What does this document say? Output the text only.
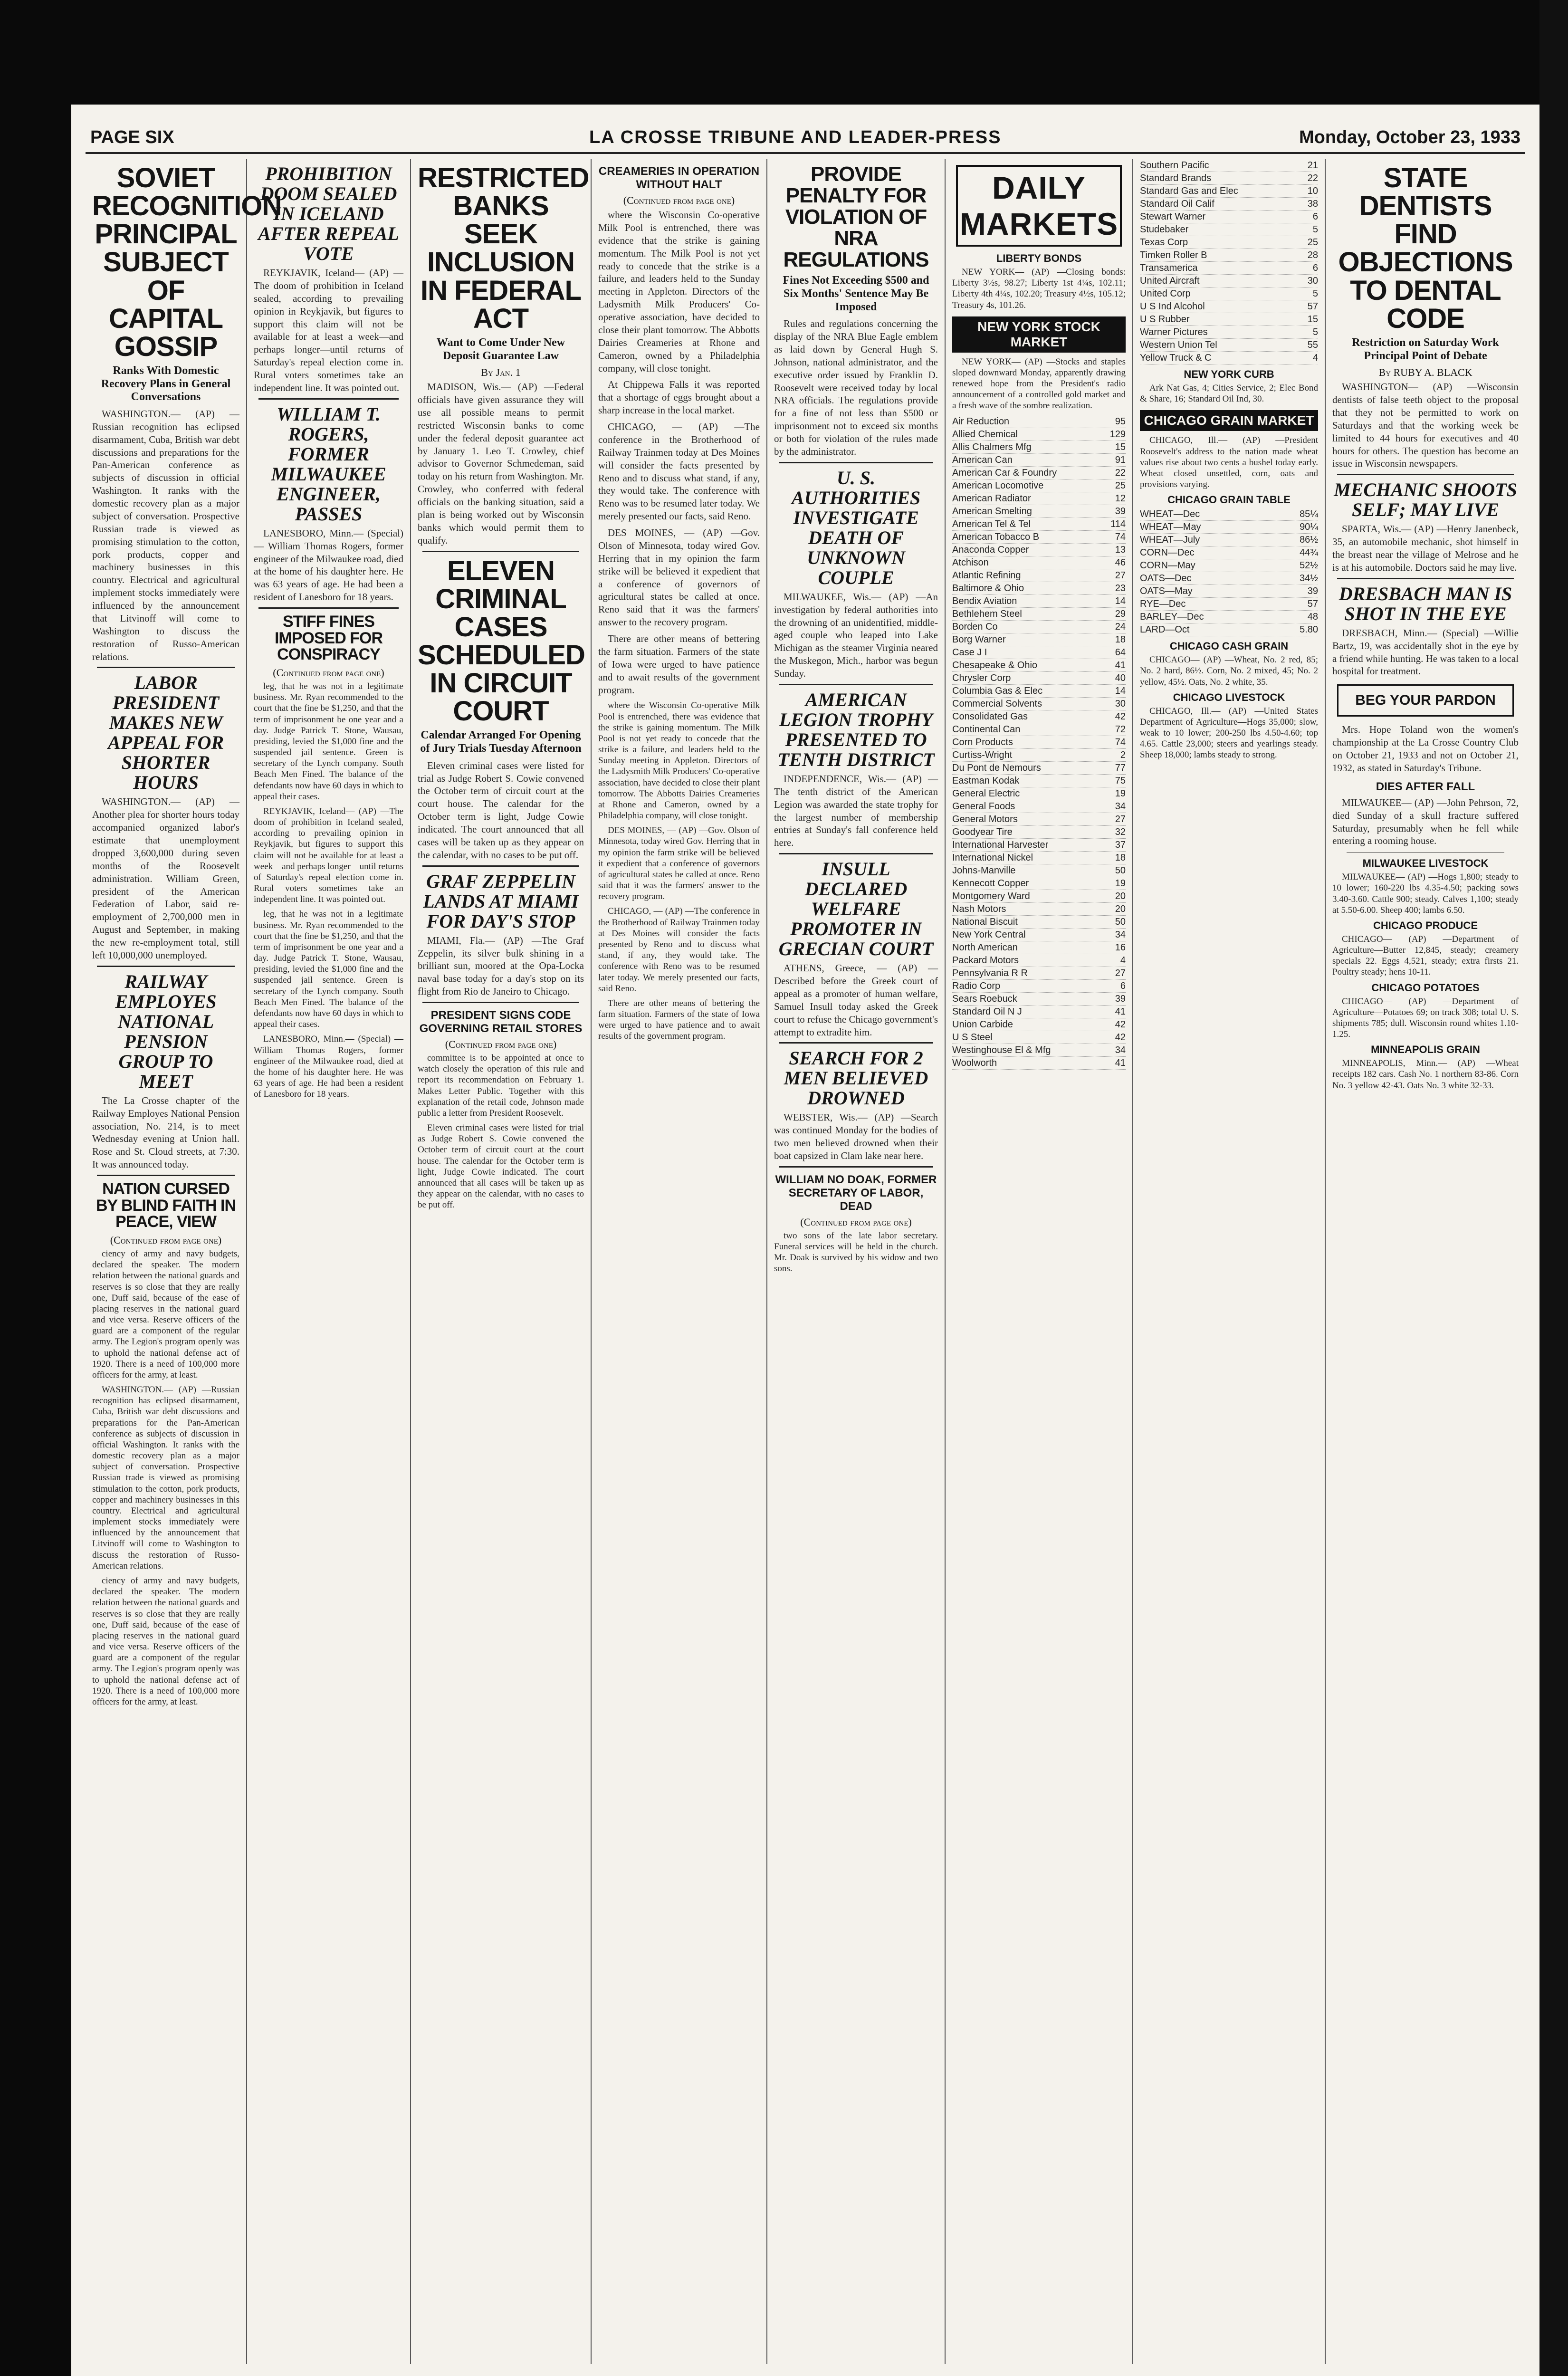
PAGE SIX	LA CROSSE TRIBUNE AND LEADER-PRESS	Monday, October 23, 1933
SOVIET RECOGNITION PRINCIPAL SUBJECT OF CAPITAL GOSSIP
Ranks With Domestic Recovery Plans in General Conversations

WASHINGTON.— (AP) —Russian recognition has eclipsed disarmament, Cuba, British war debt discussions and preparations for the Pan-American conference as subjects of discussion in official Washington. It ranks with the domestic recovery plan as a major subject of conversation. Prospective Russian trade is viewed as promising stimulation to the cotton, pork products, copper and machinery businesses in this country. Electrical and agricultural implement stocks immediately were influenced by the announcement that Litvinoff will come to Washington to discuss the restoration of Russo-American relations.

LABOR PRESIDENT MAKES NEW APPEAL FOR SHORTER HOURS

WASHINGTON.— (AP) —Another plea for shorter hours today accompanied organized labor's estimate that unemployment dropped 3,600,000 during seven months of the Roosevelt administration. William Green, president of the American Federation of Labor, said re-employment of 2,700,000 men in August and September, in making the new re-employment total, still left 10,000,000 unemployed.

RAILWAY EMPLOYES NATIONAL PENSION GROUP TO MEET

The La Crosse chapter of the Railway Employes National Pension association, No. 214, is to meet Wednesday evening at Union hall. Rose and St. Cloud streets, at 7:30. It was announced today.

NATION CURSED BY BLIND FAITH IN PEACE, VIEW
(Continued from page one)

ciency of army and navy budgets, declared the speaker. The modern relation between the national guards and reserves is so close that they are really one, Duff said, because of the ease of placing reserves in the national guard and vice versa. Reserve officers of the guard are a component of the regular army. The Legion's program openly was to uphold the national defense act of 1920. There is a need of 100,000 more officers for the army, at least.

WASHINGTON.— (AP) —Russian recognition has eclipsed disarmament, Cuba, British war debt discussions and preparations for the Pan-American conference as subjects of discussion in official Washington. It ranks with the domestic recovery plan as a major subject of conversation. Prospective Russian trade is viewed as promising stimulation to the cotton, pork products, copper and machinery businesses in this country. Electrical and agricultural implement stocks immediately were influenced by the announcement that Litvinoff will come to Washington to discuss the restoration of Russo-American relations.

ciency of army and navy budgets, declared the speaker. The modern relation between the national guards and reserves is so close that they are really one, Duff said, because of the ease of placing reserves in the national guard and vice versa. Reserve officers of the guard are a component of the regular army. The Legion's program openly was to uphold the national defense act of 1920. There is a need of 100,000 more officers for the army, at least.

PROHIBITION DOOM SEALED IN ICELAND AFTER REPEAL VOTE

REYKJAVIK, Iceland— (AP) —The doom of prohibition in Iceland sealed, according to prevailing opinion in Reykjavik, but figures to support this claim will not be available for at least a week—and perhaps longer—until returns of Saturday's repeal election come in. Rural voters sometimes take an independent line. It was pointed out.

WILLIAM T. ROGERS, FORMER MILWAUKEE ENGINEER, PASSES

LANESBORO, Minn.— (Special) — William Thomas Rogers, former engineer of the Milwaukee road, died at the home of his daughter here. He was 63 years of age. He had been a resident of Lanesboro for 18 years.

STIFF FINES IMPOSED FOR CONSPIRACY
(Continued from page one)

leg, that he was not in a legitimate business. Mr. Ryan recommended to the court that the fine be $1,250, and that the term of imprisonment be one year and a day. Judge Patrick T. Stone, Wausau, presiding, levied the $1,000 fine and the suspended jail sentence. Green is secretary of the Lynch company. South Beach Men Fined. The balance of the defendants now have 60 days in which to appeal their cases.

REYKJAVIK, Iceland— (AP) —The doom of prohibition in Iceland sealed, according to prevailing opinion in Reykjavik, but figures to support this claim will not be available for at least a week—and perhaps longer—until returns of Saturday's repeal election come in. Rural voters sometimes take an independent line. It was pointed out.

leg, that he was not in a legitimate business. Mr. Ryan recommended to the court that the fine be $1,250, and that the term of imprisonment be one year and a day. Judge Patrick T. Stone, Wausau, presiding, levied the $1,000 fine and the suspended jail sentence. Green is secretary of the Lynch company. South Beach Men Fined. The balance of the defendants now have 60 days in which to appeal their cases.

LANESBORO, Minn.— (Special) — William Thomas Rogers, former engineer of the Milwaukee road, died at the home of his daughter here. He was 63 years of age. He had been a resident of Lanesboro for 18 years.

RESTRICTED BANKS SEEK INCLUSION IN FEDERAL ACT
Want to Come Under New Deposit Guarantee Law
By Jan. 1

MADISON, Wis.— (AP) —Federal officials have given assurance they will use all possible means to permit restricted Wisconsin banks to come under the federal deposit guarantee act by January 1. Leo T. Crowley, chief advisor to Governor Schmedeman, said today on his return from Washington. Mr. Crowley, who conferred with federal officials on the banking situation, said a plan is being worked out by Wisconsin banks which would permit them to qualify.

ELEVEN CRIMINAL CASES SCHEDULED IN CIRCUIT COURT
Calendar Arranged For Opening of Jury Trials Tuesday Afternoon

Eleven criminal cases were listed for trial as Judge Robert S. Cowie convened the October term of circuit court at the court house. The calendar for the October term is light, Judge Cowie indicated. The court announced that all cases will be taken up as they appear on the calendar, with no cases to be put off.

GRAF ZEPPELIN LANDS AT MIAMI FOR DAY'S STOP

MIAMI, Fla.— (AP) —The Graf Zeppelin, its silver bulk shining in a brilliant sun, moored at the Opa-Locka naval base today for a day's stop on its flight from Rio de Janeiro to Chicago.

PRESIDENT SIGNS CODE GOVERNING RETAIL STORES
(Continued from page one)

committee is to be appointed at once to watch closely the operation of this rule and report its recommendation on February 1. Makes Letter Public. Together with this explanation of the retail code, Johnson made public a letter from President Roosevelt.

Eleven criminal cases were listed for trial as Judge Robert S. Cowie convened the October term of circuit court at the court house. The calendar for the October term is light, Judge Cowie indicated. The court announced that all cases will be taken up as they appear on the calendar, with no cases to be put off.

CREAMERIES IN OPERATION WITHOUT HALT
(Continued from page one)

where the Wisconsin Co-operative Milk Pool is entrenched, there was evidence that the strike is gaining momentum. The Milk Pool is not yet ready to concede that the strike is a failure, and leaders held to the Sunday meeting in Appleton. Directors of the Ladysmith Milk Producers' Co-operative association, have decided to close their plant tomorrow. The Abbotts Dairies Creameries at Rhone and Cameron, owned by a Philadelphia company, will close tonight.

At Chippewa Falls it was reported that a shortage of eggs brought about a sharp increase in the local market.

CHICAGO, — (AP) —The conference in the Brotherhood of Railway Trainmen today at Des Moines will consider the facts presented by Reno and to discuss what stand, if any, they would take. The conference with Reno was to be resumed later today. We merely presented our facts, said Reno.

DES MOINES, — (AP) —Gov. Olson of Minnesota, today wired Gov. Herring that in my opinion the farm strike will be believed it expedient that a conference of governors of agricultural states be called at once. Reno said that it was the farmers' answer to the recovery program.

There are other means of bettering the farm situation. Farmers of the state of Iowa were urged to have patience and to await results of the government program.

where the Wisconsin Co-operative Milk Pool is entrenched, there was evidence that the strike is gaining momentum. The Milk Pool is not yet ready to concede that the strike is a failure, and leaders held to the Sunday meeting in Appleton. Directors of the Ladysmith Milk Producers' Co-operative association, have decided to close their plant tomorrow. The Abbotts Dairies Creameries at Rhone and Cameron, owned by a Philadelphia company, will close tonight.

DES MOINES, — (AP) —Gov. Olson of Minnesota, today wired Gov. Herring that in my opinion the farm strike will be believed it expedient that a conference of governors of agricultural states be called at once. Reno said that it was the farmers' answer to the recovery program.

CHICAGO, — (AP) —The conference in the Brotherhood of Railway Trainmen today at Des Moines will consider the facts presented by Reno and to discuss what stand, if any, they would take. The conference with Reno was to be resumed later today. We merely presented our facts, said Reno.

There are other means of bettering the farm situation. Farmers of the state of Iowa were urged to have patience and to await results of the government program.

PROVIDE PENALTY FOR VIOLATION OF NRA REGULATIONS
Fines Not Exceeding $500 and Six Months' Sentence May Be Imposed

Rules and regulations concerning the display of the NRA Blue Eagle emblem as laid down by General Hugh S. Johnson, national administrator, and the executive order issued by Franklin D. Roosevelt were received today by local NRA officials. The regulations provide for a fine of not less than $500 or imprisonment not to exceed six months or both for violation of the rules made by the administrator.

U. S. AUTHORITIES INVESTIGATE DEATH OF UNKNOWN COUPLE

MILWAUKEE, Wis.— (AP) —An investigation by federal authorities into the drowning of an unidentified, middle-aged couple who leaped into Lake Michigan as the steamer Virginia neared the Muskegon, Mich., harbor was begun Sunday.

AMERICAN LEGION TROPHY PRESENTED TO TENTH DISTRICT

INDEPENDENCE, Wis.— (AP) —The tenth district of the American Legion was awarded the state trophy for the largest number of membership entries at Sunday's fall conference held here.

INSULL DECLARED WELFARE PROMOTER IN GRECIAN COURT

ATHENS, Greece, — (AP) —Described before the Greek court of appeal as a promoter of human welfare, Samuel Insull today asked the Greek court to refuse the Chicago government's attempt to extradite him.

SEARCH FOR 2 MEN BELIEVED DROWNED

WEBSTER, Wis.— (AP) —Search was continued Monday for the bodies of two men believed drowned when their boat capsized in Clam lake near here.

WILLIAM NO DOAK, FORMER SECRETARY OF LABOR, DEAD
(Continued from page one)

two sons of the late labor secretary. Funeral services will be held in the church. Mr. Doak is survived by his widow and two sons.

DAILY MARKETS
LIBERTY BONDS

NEW YORK— (AP) —Closing bonds: Liberty 3½s, 98.27; Liberty 1st 4¼s, 102.11; Liberty 4th 4¼s, 102.20; Treasury 4½s, 105.12; Treasury 4s, 101.26.

NEW YORK STOCK MARKET

NEW YORK— (AP) —Stocks and staples sloped downward Monday, apparently drawing renewed hope from the President's radio announcement of a controlled gold market and a fresh wave of the sombre realization.

Air Reduction	95
Allied Chemical	129
Allis Chalmers Mfg	15
American Can	91
American Car & Foundry	22
American Locomotive	25
American Radiator	12
American Smelting	39
American Tel & Tel	114
American Tobacco B	74
Anaconda Copper	13
Atchison	46
Atlantic Refining	27
Baltimore & Ohio	23
Bendix Aviation	14
Bethlehem Steel	29
Borden Co	24
Borg Warner	18
Case J I	64
Chesapeake & Ohio	41
Chrysler Corp	40
Columbia Gas & Elec	14
Commercial Solvents	30
Consolidated Gas	42
Continental Can	72
Corn Products	74
Curtiss-Wright	2
Du Pont de Nemours	77
Eastman Kodak	75
General Electric	19
General Foods	34
General Motors	27
Goodyear Tire	32
International Harvester	37
International Nickel	18
Johns-Manville	50
Kennecott Copper	19
Montgomery Ward	20
Nash Motors	20
National Biscuit	50
New York Central	34
North American	16
Packard Motors	4
Pennsylvania R R	27
Radio Corp	6
Sears Roebuck	39
Standard Oil N J	41
Union Carbide	42
U S Steel	42
Westinghouse El & Mfg	34
Woolworth	41
Southern Pacific	21
Standard Brands	22
Standard Gas and Elec	10
Standard Oil Calif	38
Stewart Warner	6
Studebaker	5
Texas Corp	25
Timken Roller B	28
Transamerica	6
United Aircraft	30
United Corp	5
U S Ind Alcohol	57
U S Rubber	15
Warner Pictures	5
Western Union Tel	55
Yellow Truck & C	4
NEW YORK CURB

Ark Nat Gas, 4; Cities Service, 2; Elec Bond & Share, 16; Standard Oil Ind, 30.

CHICAGO GRAIN MARKET

CHICAGO, Ill.— (AP) —President Roosevelt's address to the nation made wheat values rise about two cents a bushel today early. Wheat closed unsettled, corn, oats and provisions varying.

CHICAGO GRAIN TABLE
WHEAT—Dec	85¼
WHEAT—May	90¼
WHEAT—July	86½
CORN—Dec	44¾
CORN—May	52½
OATS—Dec	34½
OATS—May	39
RYE—Dec	57
BARLEY—Dec	48
LARD—Oct	5.80
CHICAGO CASH GRAIN

CHICAGO— (AP) —Wheat, No. 2 red, 85; No. 2 hard, 86½. Corn, No. 2 mixed, 45; No. 2 yellow, 45½. Oats, No. 2 white, 35.

CHICAGO LIVESTOCK

CHICAGO, Ill.— (AP) —United States Department of Agriculture—Hogs 35,000; slow, weak to 10 lower; 200-250 lbs 4.50-4.60; top 4.65. Cattle 23,000; steers and yearlings steady. Sheep 18,000; lambs steady to strong.

STATE DENTISTS FIND OBJECTIONS TO DENTAL CODE
Restriction on Saturday Work Principal Point of Debate
By RUBY A. BLACK

WASHINGTON— (AP) —Wisconsin dentists of false teeth object to the proposal that they not be permitted to work on Saturdays and that the working week be limited to 44 hours for executives and 40 hours for others. The question has become an issue in Wisconsin newspapers.

MECHANIC SHOOTS SELF; MAY LIVE

SPARTA, Wis.— (AP) —Henry Janenbeck, 35, an automobile mechanic, shot himself in the breast near the village of Melrose and he is at his automobile. Doctors said he may live.

DRESBACH MAN IS SHOT IN THE EYE

DRESBACH, Minn.— (Special) —Willie Bartz, 19, was accidentally shot in the eye by a friend while hunting. He was taken to a local hospital for treatment.

BEG YOUR PARDON

Mrs. Hope Toland won the women's championship at the La Crosse Country Club on October 21, 1933 and not on October 21, 1932, as stated in Saturday's Tribune.

DIES AFTER FALL

MILWAUKEE— (AP) —John Pehrson, 72, died Sunday of a skull fracture suffered Saturday, presumably when he fell while entering a rooming house.

MILWAUKEE LIVESTOCK

MILWAUKEE— (AP) —Hogs 1,800; steady to 10 lower; 160-220 lbs 4.35-4.50; packing sows 3.40-3.60. Cattle 900; steady. Calves 1,100; steady at 5.50-6.00. Sheep 400; lambs 6.50.

CHICAGO PRODUCE

CHICAGO— (AP) —Department of Agriculture—Butter 12,845, steady; creamery specials 22. Eggs 4,521, steady; extra firsts 21. Poultry steady; hens 10-11.

CHICAGO POTATOES

CHICAGO— (AP) —Department of Agriculture—Potatoes 69; on track 308; total U. S. shipments 785; dull. Wisconsin round whites 1.10-1.25.

MINNEAPOLIS GRAIN

MINNEAPOLIS, Minn.— (AP) —Wheat receipts 182 cars. Cash No. 1 northern 83-86. Corn No. 3 yellow 42-43. Oats No. 3 white 32-33.
